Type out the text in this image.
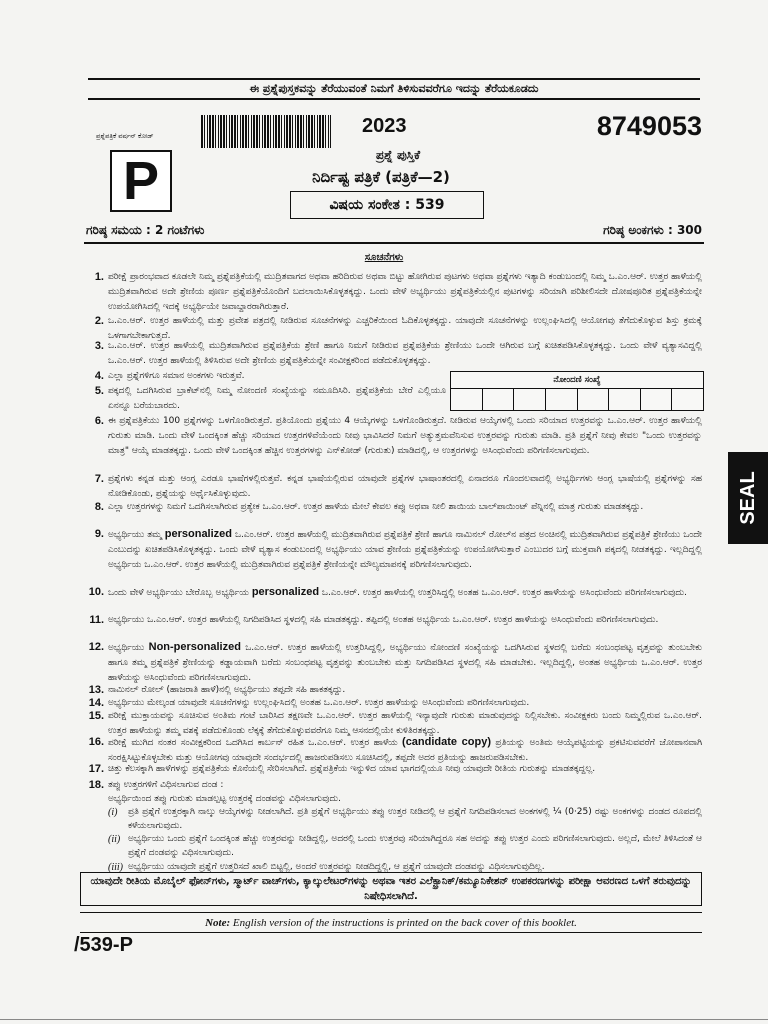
ಈ ಪ್ರಶ್ನೆಪುಸ್ತಕವನ್ನು ತೆರೆಯುವಂತೆ ನಿಮಗೆ ತಿಳಿಸುವವರೆಗೂ ಇದನ್ನು ತೆರೆಯಕೂಡದು
ಪ್ರಶ್ನೆಪತ್ರಿಕೆ ವರ್ಷನ್ ಕೋಡ್
P
2023	8749053
ಪ್ರಶ್ನೆ ಪುಸ್ತಿಕೆ
ನಿರ್ದಿಷ್ಟ ಪತ್ರಿಕೆ (ಪತ್ರಿಕೆ—2)
ವಿಷಯ ಸಂಕೇತ : 539
ಗರಿಷ್ಠ ಸಮಯ : 2 ಗಂಟೆಗಳು	ಗರಿಷ್ಠ ಅಂಕಗಳು : 300
ಸೂಚನೆಗಳು
1. ಪರೀಕ್ಷೆ ಪ್ರಾರಂಭವಾದ ಕೂಡಲೇ ನಿಮ್ಮ ಪ್ರಶ್ನೆಪತ್ರಿಕೆಯಲ್ಲಿ ಮುದ್ರಿತವಾಗದ ಅಥವಾ ಹರಿದಿರುವ ಅಥವಾ ಬಿಟ್ಟು ಹೋಗಿರುವ ಪುಟಗಳು ಅಥವಾ ಪ್ರಶ್ನೆಗಳು ಇತ್ಯಾದಿ ಕಂಡುಬಂದಲ್ಲಿ ನಿಮ್ಮ ಒ.ಎಂ.ಆರ್. ಉತ್ತರ ಹಾಳೆಯಲ್ಲಿ ಮುದ್ರಿತವಾಗಿರುವ ಅದೇ ಶ್ರೇಣಿಯ ಪೂರ್ಣ ಪ್ರಶ್ನೆಪತ್ರಿಕೆಯೊಂದಿಗೆ ಬದಲಾಯಿಸಿಕೊಳ್ಳತಕ್ಕದ್ದು. ಒಂದು ವೇಳೆ ಅಭ್ಯರ್ಥಿಯು ಪ್ರಶ್ನೆಪತ್ರಿಕೆಯಲ್ಲಿನ ಪುಟಗಳನ್ನು ಸರಿಯಾಗಿ ಪರಿಶೀಲಿಸದೇ ದೋಷಪೂರಿತ ಪ್ರಶ್ನೆಪತ್ರಿಕೆಯನ್ನೇ ಉಪಯೋಗಿಸಿದಲ್ಲಿ ಇದಕ್ಕೆ ಅಭ್ಯರ್ಥಿಯೇ ಜವಾಬ್ದಾರರಾಗಿರುತ್ತಾರೆ.
2. ಒ.ಎಂ.ಆರ್. ಉತ್ತರ ಹಾಳೆಯಲ್ಲಿ ಮತ್ತು ಪ್ರವೇಶ ಪತ್ರದಲ್ಲಿ ನೀಡಿರುವ ಸೂಚನೆಗಳನ್ನು ಎಚ್ಚರಿಕೆಯಿಂದ ಓದಿಕೊಳ್ಳತಕ್ಕದ್ದು. ಯಾವುದೇ ಸೂಚನೆಗಳನ್ನು ಉಲ್ಲಂಘಿಸಿದಲ್ಲಿ ಆಯೋಗವು ತೆಗೆದುಕೊಳ್ಳುವ ಶಿಸ್ತು ಕ್ರಮಕ್ಕೆ ಒಳಗಾಗಬೇಕಾಗುತ್ತದೆ.
3. ಒ.ಎಂ.ಆರ್. ಉತ್ತರ ಹಾಳೆಯಲ್ಲಿ ಮುದ್ರಿತವಾಗಿರುವ ಪ್ರಶ್ನೆಪತ್ರಿಕೆಯ ಶ್ರೇಣಿ ಹಾಗೂ ನಿಮಗೆ ನೀಡಿರುವ ಪ್ರಶ್ನೆಪತ್ರಿಕೆಯ ಶ್ರೇಣಿಯು ಒಂದೇ ಆಗಿರುವ ಬಗ್ಗೆ ಖಚಿತಪಡಿಸಿಕೊಳ್ಳತಕ್ಕದ್ದು. ಒಂದು ವೇಳೆ ವ್ಯತ್ಯಾಸವಿದ್ದಲ್ಲಿ ಒ.ಎಂ.ಆರ್. ಉತ್ತರ ಹಾಳೆಯಲ್ಲಿ ತಿಳಿಸಿರುವ ಅದೇ ಶ್ರೇಣಿಯ ಪ್ರಶ್ನೆಪತ್ರಿಕೆಯನ್ನೇ ಸಂವೀಕ್ಷಕರಿಂದ ಪಡೆದುಕೊಳ್ಳತಕ್ಕದ್ದು.
4. ಎಲ್ಲಾ ಪ್ರಶ್ನೆಗಳಿಗೂ ಸಮಾನ ಅಂಕಗಳು ಇರುತ್ತವೆ.
5. ಪಕ್ಕದಲ್ಲಿ ಒದಗಿಸಿರುವ ಬ್ರಾಕೆಟ್‌ನಲ್ಲಿ ನಿಮ್ಮ ನೋಂದಣಿ ಸಂಖ್ಯೆಯನ್ನು ನಮೂದಿಸಿರಿ. ಪ್ರಶ್ನೆಪತ್ರಿಕೆಯ ಬೇರೆ ಎಲ್ಲಿಯೂ ಏನನ್ನೂ ಬರೆಯಬಾರದು.
ನೋಂದಣಿ ಸಂಖ್ಯೆ
6. ಈ ಪ್ರಶ್ನೆಪತ್ರಿಕೆಯು 100 ಪ್ರಶ್ನೆಗಳನ್ನು ಒಳಗೊಂಡಿರುತ್ತದೆ. ಪ್ರತಿಯೊಂದು ಪ್ರಶ್ನೆಯು 4 ಆಯ್ಕೆಗಳನ್ನು ಒಳಗೊಂಡಿರುತ್ತದೆ. ನೀಡಿರುವ ಆಯ್ಕೆಗಳಲ್ಲಿ ಒಂದು ಸರಿಯಾದ ಉತ್ತರವನ್ನು ಒ.ಎಂ.ಆರ್. ಉತ್ತರ ಹಾಳೆಯಲ್ಲಿ ಗುರುತು ಮಾಡಿ. ಒಂದು ವೇಳೆ ಒಂದಕ್ಕಿಂತ ಹೆಚ್ಚು ಸರಿಯಾದ ಉತ್ತರಗಳಿವೆಯೆಂದು ನೀವು ಭಾವಿಸಿದರೆ ನಿಮಗೆ ಅತ್ಯುತ್ತಮವೆನಿಸುವ ಉತ್ತರವನ್ನು ಗುರುತು ಮಾಡಿ. ಪ್ರತಿ ಪ್ರಶ್ನೆಗೆ ನೀವು ಕೇವಲ "ಒಂದು ಉತ್ತರವನ್ನು ಮಾತ್ರ" ಆಯ್ಕೆ ಮಾಡತಕ್ಕದ್ದು. ಒಂದು ವೇಳೆ ಒಂದಕ್ಕಿಂತ ಹೆಚ್ಚಿನ ಉತ್ತರಗಳನ್ನು ಎನ್‌ಕೋಡ್ (ಗುರುತು) ಮಾಡಿದಲ್ಲಿ, ಆ ಉತ್ತರಗಳನ್ನು ಅಸಿಂಧುವೆಂದು ಪರಿಗಣಿಸಲಾಗುವುದು.
7. ಪ್ರಶ್ನೆಗಳು ಕನ್ನಡ ಮತ್ತು ಆಂಗ್ಲ ಎರಡೂ ಭಾಷೆಗಳಲ್ಲಿರುತ್ತವೆ. ಕನ್ನಡ ಭಾಷೆಯಲ್ಲಿರುವ ಯಾವುದೇ ಪ್ರಶ್ನೆಗಳ ಭಾಷಾಂತರದಲ್ಲಿ ಏನಾದರೂ ಗೊಂದಲವಾದಲ್ಲಿ ಅಭ್ಯರ್ಥಿಗಳು ಆಂಗ್ಲ ಭಾಷೆಯಲ್ಲಿ ಪ್ರಶ್ನೆಗಳನ್ನು ಸಹ ನೋಡಿಕೊಂಡು, ಪ್ರಶ್ನೆಯನ್ನು ಅರ್ಥೈಸಿಕೊಳ್ಳುವುದು.
8. ಎಲ್ಲಾ ಉತ್ತರಗಳನ್ನು ನಿಮಗೆ ಒದಗಿಸಲಾಗಿರುವ ಪ್ರತ್ಯೇಕ ಒ.ಎಂ.ಆರ್. ಉತ್ತರ ಹಾಳೆಯ ಮೇಲೆ ಕೇವಲ ಕಪ್ಪು ಅಥವಾ ನೀಲಿ ಶಾಯಿಯ ಬಾಲ್‌ಪಾಯಿಂಟ್ ಪೆನ್ನಿನಲ್ಲಿ ಮಾತ್ರ ಗುರುತು ಮಾಡತಕ್ಕದ್ದು.
9. ಅಭ್ಯರ್ಥಿಯು ತಮ್ಮ personalized ಒ.ಎಂ.ಆರ್. ಉತ್ತರ ಹಾಳೆಯಲ್ಲಿ ಮುದ್ರಿತವಾಗಿರುವ ಪ್ರಶ್ನೆಪತ್ರಿಕೆ ಶ್ರೇಣಿ ಹಾಗೂ ನಾಮಿನಲ್ ರೋಲ್‌ನ ಪತ್ರದ ಅಂಚಿನಲ್ಲಿ ಮುದ್ರಿತವಾಗಿರುವ ಪ್ರಶ್ನೆಪತ್ರಿಕೆ ಶ್ರೇಣಿಯು ಒಂದೇ ಎಂಬುದನ್ನು ಖಚಿತಪಡಿಸಿಕೊಳ್ಳತಕ್ಕದ್ದು. ಒಂದು ವೇಳೆ ವ್ಯತ್ಯಾಸ ಕಂಡುಬಂದಲ್ಲಿ ಅಭ್ಯರ್ಥಿಯು ಯಾವ ಶ್ರೇಣಿಯ ಪ್ರಶ್ನೆಪತ್ರಿಕೆಯನ್ನು ಉಪಯೋಗಿಸುತ್ತಾರೆ ಎಂಬುದರ ಬಗ್ಗೆ ಮುಕ್ತವಾಗಿ ಪಕ್ಕದಲ್ಲಿ ನೀಡತಕ್ಕದ್ದು. ಇಲ್ಲದಿದ್ದಲ್ಲಿ ಅಭ್ಯರ್ಥಿಯ ಒ.ಎಂ.ಆರ್. ಉತ್ತರ ಹಾಳೆಯಲ್ಲಿ ಮುದ್ರಿತವಾಗಿರುವ ಪ್ರಶ್ನೆಪತ್ರಿಕೆ ಶ್ರೇಣಿಯನ್ನೇ ಮೌಲ್ಯಮಾಪನಕ್ಕೆ ಪರಿಗಣಿಸಲಾಗುವುದು.
10. ಒಂದು ವೇಳೆ ಅಭ್ಯರ್ಥಿಯು ಬೇರೊಬ್ಬ ಅಭ್ಯರ್ಥಿಯ personalized ಒ.ಎಂ.ಆರ್. ಉತ್ತರ ಹಾಳೆಯಲ್ಲಿ ಉತ್ತರಿಸಿದ್ದಲ್ಲಿ ಅಂತಹ ಒ.ಎಂ.ಆರ್. ಉತ್ತರ ಹಾಳೆಯನ್ನು ಅಸಿಂಧುವೆಂದು ಪರಿಗಣಿಸಲಾಗುವುದು.
11. ಅಭ್ಯರ್ಥಿಯು ಒ.ಎಂ.ಆರ್. ಉತ್ತರ ಹಾಳೆಯಲ್ಲಿ ನಿಗದಿಪಡಿಸಿದ ಸ್ಥಳದಲ್ಲಿ ಸಹಿ ಮಾಡತಕ್ಕದ್ದು. ತಪ್ಪಿದಲ್ಲಿ ಅಂತಹ ಅಭ್ಯರ್ಥಿಯ ಒ.ಎಂ.ಆರ್. ಉತ್ತರ ಹಾಳೆಯನ್ನು ಅಸಿಂಧುವೆಂದು ಪರಿಗಣಿಸಲಾಗುವುದು.
12. ಅಭ್ಯರ್ಥಿಯು Non-personalized ಒ.ಎಂ.ಆರ್. ಉತ್ತರ ಹಾಳೆಯಲ್ಲಿ ಉತ್ತರಿಸಿದ್ದಲ್ಲಿ, ಅಭ್ಯರ್ಥಿಯು ನೋಂದಣಿ ಸಂಖ್ಯೆಯನ್ನು ಒದಗಿಸಿರುವ ಸ್ಥಳದಲ್ಲಿ ಬರೆದು ಸಂಬಂಧಪಟ್ಟ ವೃತ್ತವನ್ನು ತುಂಬಬೇಕು ಹಾಗೂ ತಮ್ಮ ಪ್ರಶ್ನೆಪತ್ರಿಕೆ ಶ್ರೇಣಿಯನ್ನು ಕಡ್ಡಾಯವಾಗಿ ಬರೆದು ಸಂಬಂಧಪಟ್ಟ ವೃತ್ತವನ್ನು ತುಂಬಬೇಕು ಮತ್ತು ನಿಗದಿಪಡಿಸಿದ ಸ್ಥಳದಲ್ಲಿ ಸಹಿ ಮಾಡಬೇಕು. ಇಲ್ಲದಿದ್ದಲ್ಲಿ, ಅಂತಹ ಅಭ್ಯರ್ಥಿಯ ಒ.ಎಂ.ಆರ್. ಉತ್ತರ ಹಾಳೆಯನ್ನು ಅಸಿಂಧುವೆಂದು ಪರಿಗಣಿಸಲಾಗುವುದು.
13. ನಾಮಿನಲ್ ರೋಲ್ (ಹಾಜರಾತಿ ಹಾಳೆ)ನಲ್ಲಿ ಅಭ್ಯರ್ಥಿಯು ತಪ್ಪದೇ ಸಹಿ ಹಾಕತಕ್ಕದ್ದು.
14. ಅಭ್ಯರ್ಥಿಯು ಮೇಲ್ಕಂಡ ಯಾವುದೇ ಸೂಚನೆಗಳನ್ನು ಉಲ್ಲಂಘಿಸಿದಲ್ಲಿ ಅಂತಹ ಒ.ಎಂ.ಆರ್. ಉತ್ತರ ಹಾಳೆಯನ್ನು ಅಸಿಂಧುವೆಂದು ಪರಿಗಣಿಸಲಾಗುವುದು.
15. ಪರೀಕ್ಷೆ ಮುಕ್ತಾಯವನ್ನು ಸೂಚಿಸುವ ಅಂತಿಮ ಗಂಟೆ ಬಾರಿಸಿದ ತಕ್ಷಣವೇ ಒ.ಎಂ.ಆರ್. ಉತ್ತರ ಹಾಳೆಯಲ್ಲಿ ಇನ್ಯಾವುದೇ ಗುರುತು ಮಾಡುವುದನ್ನು ನಿಲ್ಲಿಸಬೇಕು. ಸಂವೀಕ್ಷಕರು ಬಂದು ನಿಮ್ಮಲ್ಲಿರುವ ಒ.ಎಂ.ಆರ್. ಉತ್ತರ ಹಾಳೆಯನ್ನು ತಮ್ಮ ವಶಕ್ಕೆ ಪಡೆದುಕೊಂಡು ಲೆಕ್ಕಕ್ಕೆ ತೆಗೆದುಕೊಳ್ಳುವವರೆಗೂ ನಿಮ್ಮ ಆಸನದಲ್ಲಿಯೇ ಕುಳಿತಿರತಕ್ಕದ್ದು.
16. ಪರೀಕ್ಷೆ ಮುಗಿದ ನಂತರ ಸಂವೀಕ್ಷಕರಿಂದ ಒದಗಿಸಿದ ಕಾರ್ಬನ್ ರಹಿತ ಒ.ಎಂ.ಆರ್. ಉತ್ತರ ಹಾಳೆಯ (candidate copy) ಪ್ರತಿಯನ್ನು ಅಂತಿಮ ಆಯ್ಕೆಪಟ್ಟಿಯನ್ನು ಪ್ರಕಟಿಸುವವರೆಗೆ ಜೋಪಾನವಾಗಿ ಸಂರಕ್ಷಿಸಿಟ್ಟುಕೊಳ್ಳಬೇಕು ಮತ್ತು ಆಯೋಗವು ಯಾವುದೇ ಸಂದರ್ಭದಲ್ಲಿ ಹಾಜರುಪಡಿಸಲು ಸೂಚಿಸಿದಲ್ಲಿ, ತಪ್ಪದೇ ಅದರ ಪ್ರತಿಯನ್ನು ಹಾಜರುಪಡಿಸಬೇಕು.
17. ಚಿತ್ತು ಕೆಲಸಕ್ಕಾಗಿ ಹಾಳೆಗಳನ್ನು ಪ್ರಶ್ನೆಪತ್ರಿಕೆಯ ಕೊನೆಯಲ್ಲಿ ಸೇರಿಸಲಾಗಿದೆ. ಪ್ರಶ್ನೆಪತ್ರಿಕೆಯ ಇನ್ನುಳಿದ ಯಾವ ಭಾಗದಲ್ಲಿಯೂ ನೀವು ಯಾವುದೇ ರೀತಿಯ ಗುರುತನ್ನು ಮಾಡತಕ್ಕದ್ದಲ್ಲ.
18. ತಪ್ಪು ಉತ್ತರಗಳಿಗೆ ವಿಧಿಸಲಾಗುವ ದಂಡ :
ಅಭ್ಯರ್ಥಿಯಿಂದ ತಪ್ಪು ಗುರುತು ಮಾಡಲ್ಪಟ್ಟ ಉತ್ತರಕ್ಕೆ ದಂಡವನ್ನು ವಿಧಿಸಲಾಗುವುದು.
(i) ಪ್ರತಿ ಪ್ರಶ್ನೆಗೆ ಉತ್ತರಕ್ಕಾಗಿ ನಾಲ್ಕು ಆಯ್ಕೆಗಳನ್ನು ನೀಡಲಾಗಿದೆ. ಪ್ರತಿ ಪ್ರಶ್ನೆಗೆ ಅಭ್ಯರ್ಥಿಯು ತಪ್ಪು ಉತ್ತರ ನೀಡಿದಲ್ಲಿ ಆ ಪ್ರಶ್ನೆಗೆ ನಿಗದಿಪಡಿಸಲಾದ ಅಂಕಗಳಲ್ಲಿ ¼ (0·25) ರಷ್ಟು ಅಂಕಗಳನ್ನು ದಂಡದ ರೂಪದಲ್ಲಿ ಕಳೆಯಲಾಗುವುದು.
(ii) ಅಭ್ಯರ್ಥಿಯು ಒಂದು ಪ್ರಶ್ನೆಗೆ ಒಂದಕ್ಕಿಂತ ಹೆಚ್ಚು ಉತ್ತರವನ್ನು ನೀಡಿದ್ದಲ್ಲಿ, ಅದರಲ್ಲಿ ಒಂದು ಉತ್ತರವು ಸರಿಯಾಗಿದ್ದರೂ ಸಹ ಅದನ್ನು ತಪ್ಪು ಉತ್ತರ ಎಂದು ಪರಿಗಣಿಸಲಾಗುವುದು. ಅಲ್ಲದೆ, ಮೇಲೆ ತಿಳಿಸಿದಂತೆ ಆ ಪ್ರಶ್ನೆಗೆ ದಂಡವನ್ನು ವಿಧಿಸಲಾಗುವುದು.
(iii) ಅಭ್ಯರ್ಥಿಯು ಯಾವುದೇ ಪ್ರಶ್ನೆಗೆ ಉತ್ತರಿಸದೆ ಖಾಲಿ ಬಿಟ್ಟಲ್ಲಿ, ಅಂದರೆ ಉತ್ತರವನ್ನು ನೀಡದಿದ್ದಲ್ಲಿ, ಆ ಪ್ರಶ್ನೆಗೆ ಯಾವುದೇ ದಂಡವನ್ನು ವಿಧಿಸಲಾಗುವುದಿಲ್ಲ.
ಯಾವುದೇ ರೀತಿಯ ಮೊಬೈಲ್ ಫೋನ್‌ಗಳು, ಸ್ಮಾರ್ಟ್ ವಾಚ್‌ಗಳು, ಕ್ಯಾಲ್ಕುಲೇಟರ್‌ಗಳನ್ನು ಅಥವಾ ಇತರ ಎಲೆಕ್ಟ್ರಾನಿಕ್/ಕಮ್ಯೂನಿಕೇಶನ್ ಉಪಕರಣಗಳನ್ನು ಪರೀಕ್ಷಾ ಆವರಣದ ಒಳಗೆ ತರುವುದನ್ನು ನಿಷೇಧಿಸಲಾಗಿದೆ.
Note: English version of the instructions is printed on the back cover of this booklet.
/539-P
SEAL
